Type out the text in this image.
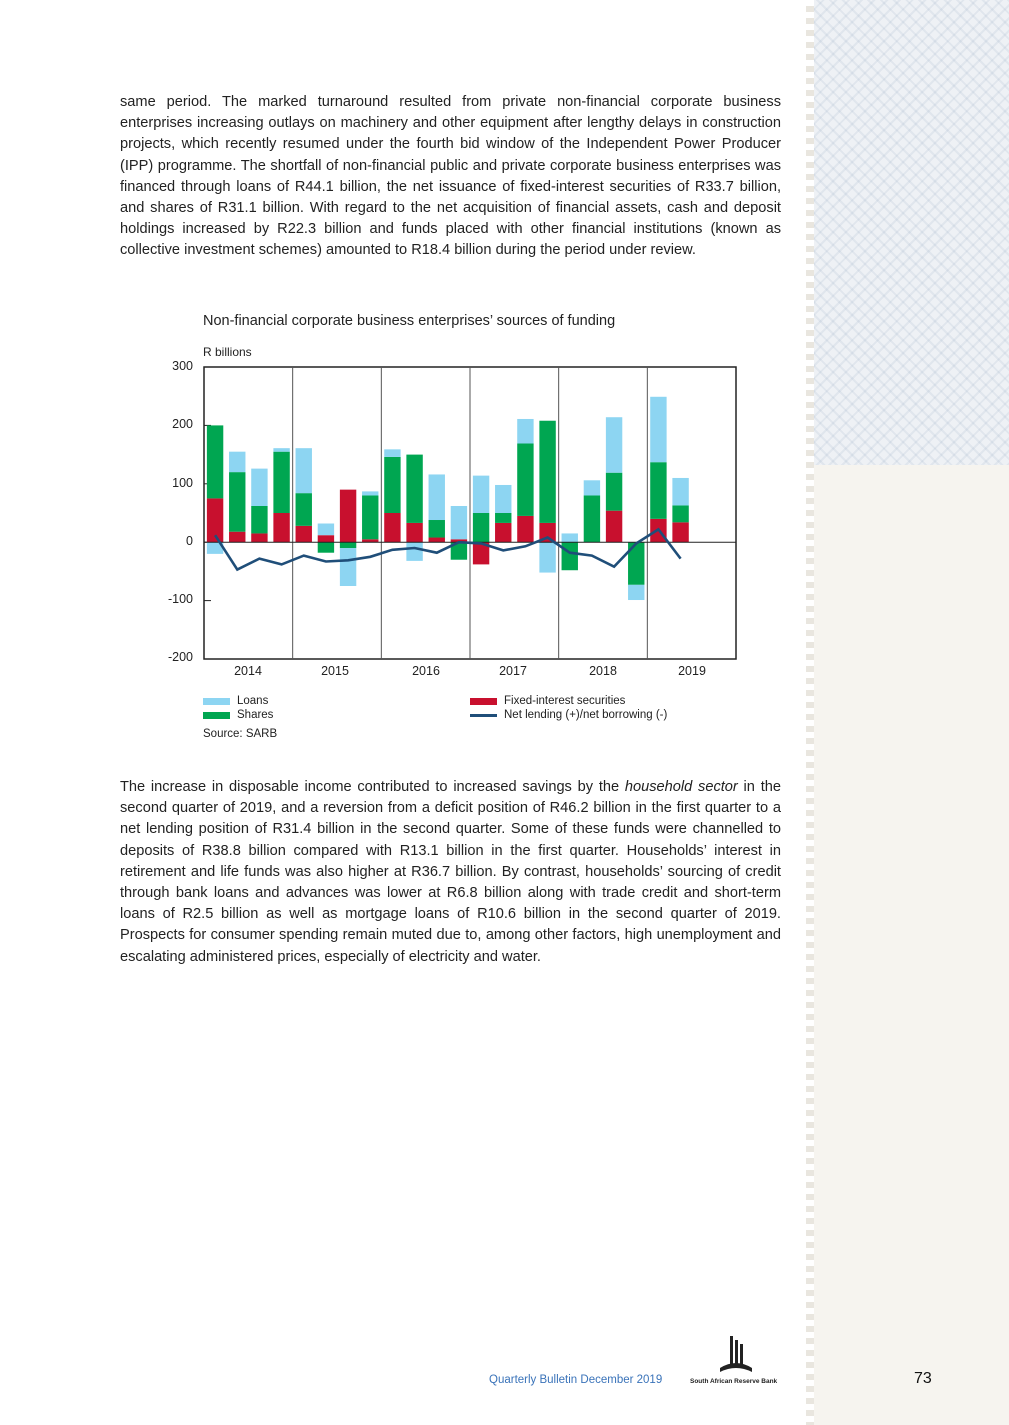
same period. The marked turnaround resulted from private non-financial corporate business enterprises increasing outlays on machinery and other equipment after lengthy delays in construction projects, which recently resumed under the fourth bid window of the Independent Power Producer (IPP) programme. The shortfall of non-financial public and private corporate business enterprises was financed through loans of R44.1 billion, the net issuance of fixed-interest securities of R33.7 billion, and shares of R31.1 billion. With regard to the net acquisition of financial assets, cash and deposit holdings increased by R22.3 billion and funds placed with other financial institutions (known as collective investment schemes) amounted to R18.4 billion during the period under review.

Non-financial corporate business enterprises’ sources of funding
R billions
300
200
100
0
-100
-200
2014	2015	2016	2017	2018	2019
Loans
Shares
Fixed-interest securities
Net lending (+)/net borrowing (-)
Source: SARB

The increase in disposable income contributed to increased savings by the household sector in the second quarter of 2019, and a reversion from a deficit position of R46.2 billion in the first quarter to a net lending position of R31.4 billion in the second quarter. Some of these funds were channelled to deposits of R38.8 billion compared with R13.1 billion in the first quarter. Households’ interest in retirement and life funds was also higher at R36.7 billion. By contrast, households’ sourcing of credit through bank loans and advances was lower at R6.8 billion along with trade credit and short-term loans of R2.5 billion as well as mortgage loans of R10.6 billion in the second quarter of 2019. Prospects for consumer spending remain muted due to, among other factors, high unemployment and escalating administered prices, especially of electricity and water.

Quarterly Bulletin December 2019	South African Reserve Bank	73
